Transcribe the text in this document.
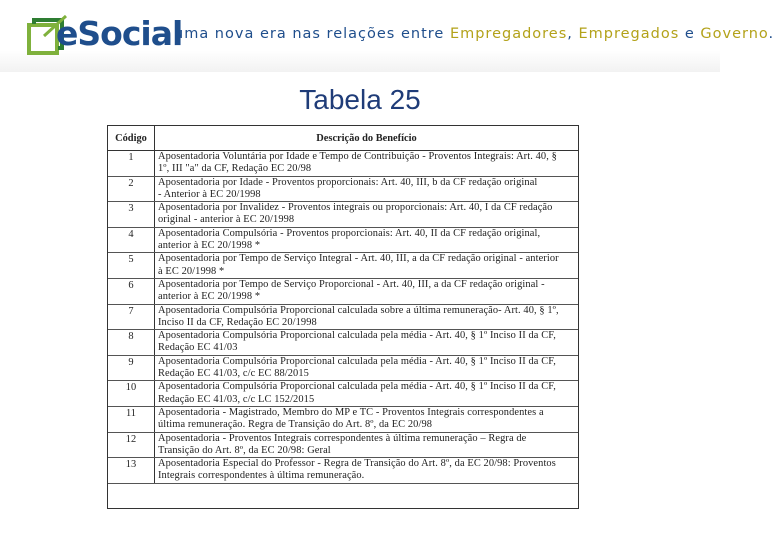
eSocial
uma nova era nas relações entre Empregadores, Empregados e Governo.
Tabela 25
Código	Descrição do Benefício
1	Aposentadoria Voluntária por Idade e Tempo de Contribuição - Proventos Integrais: Art. 40, §
1º, III "a" da CF, Redação EC 20/98

2	Aposentadoria por Idade - Proventos proporcionais: Art. 40, III, b da CF redação original
- Anterior à EC 20/1998

3	Aposentadoria por Invalidez - Proventos integrais ou proporcionais: Art. 40, I da CF redação
original - anterior à EC 20/1998

4	Aposentadoria Compulsória - Proventos proporcionais: Art. 40, II da CF redação original,
anterior à EC 20/1998 *

5	Aposentadoria por Tempo de Serviço Integral - Art. 40, III, a da CF redação original - anterior
à EC 20/1998 *

6	Aposentadoria por Tempo de Serviço Proporcional - Art. 40, III, a da CF redação original -
anterior à EC 20/1998 *

7	Aposentadoria Compulsória Proporcional calculada sobre a última remuneração- Art. 40, § 1º,
Inciso II da CF, Redação EC 20/1998

8	Aposentadoria Compulsória Proporcional calculada pela média - Art. 40, § 1º Inciso II da CF,
Redação EC 41/03

9	Aposentadoria Compulsória Proporcional calculada pela média - Art. 40, § 1º Inciso II da CF,
Redação EC 41/03, c/c EC 88/2015

10	Aposentadoria Compulsória Proporcional calculada pela média - Art. 40, § 1º Inciso II da CF,
Redação EC 41/03, c/c LC 152/2015

11	Aposentadoria - Magistrado, Membro do MP e TC - Proventos Integrais correspondentes a
última remuneração. Regra de Transição do Art. 8º, da EC 20/98

12	Aposentadoria - Proventos Integrais correspondentes à última remuneração – Regra de
Transição do Art. 8º, da EC 20/98: Geral

13	Aposentadoria Especial do Professor - Regra de Transição do Art. 8º, da EC 20/98: Proventos
Integrais correspondentes à última remuneração.
